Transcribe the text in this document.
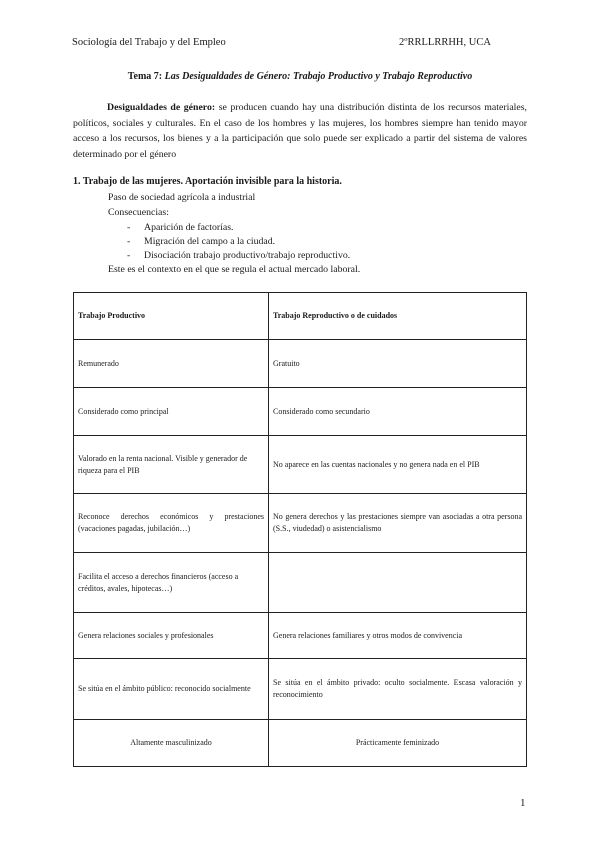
Sociología del Trabajo y del Empleo	2ºRRLLRRHH, UCA
Tema 7: Las Desigualdades de Género: Trabajo Productivo y Trabajo Reproductivo
Desigualdades de género: se producen cuando hay una distribución distinta de los recursos materiales, políticos, sociales y culturales. En el caso de los hombres y las mujeres, los hombres siempre han tenido mayor acceso a los recursos, los bienes y a la participación que solo puede ser explicado a partir del sistema de valores determinado por el género
1. Trabajo de las mujeres. Aportación invisible para la historia.
Paso de sociedad agrícola a industrial
Consecuencias:
- Aparición de factorías.
- Migración del campo a la ciudad.
- Disociación trabajo productivo/trabajo reproductivo.
Este es el contexto en el que se regula el actual mercado laboral.
Trabajo Productivo	Trabajo Reproductivo o de cuidados
Remunerado	Gratuito
Considerado como principal	Considerado como secundario
Valorado en la renta nacional. Visible y generador de riqueza para el PIB	No aparece en las cuentas nacionales y no genera nada en el PIB
Reconoce derechos económicos y prestaciones (vacaciones pagadas, jubilación…)	No genera derechos y las prestaciones siempre van asociadas a otra persona (S.S., viudedad) o asistencialismo
Facilita el acceso a derechos financieros (acceso a créditos, avales, hipotecas…)	
Genera relaciones sociales y profesionales	Genera relaciones familiares y otros modos de convivencia
Se sitúa en el ámbito público: reconocido socialmente	Se sitúa en el ámbito privado: oculto socialmente. Escasa valoración y reconocimiento
Altamente masculinizado	Prácticamente feminizado
1
